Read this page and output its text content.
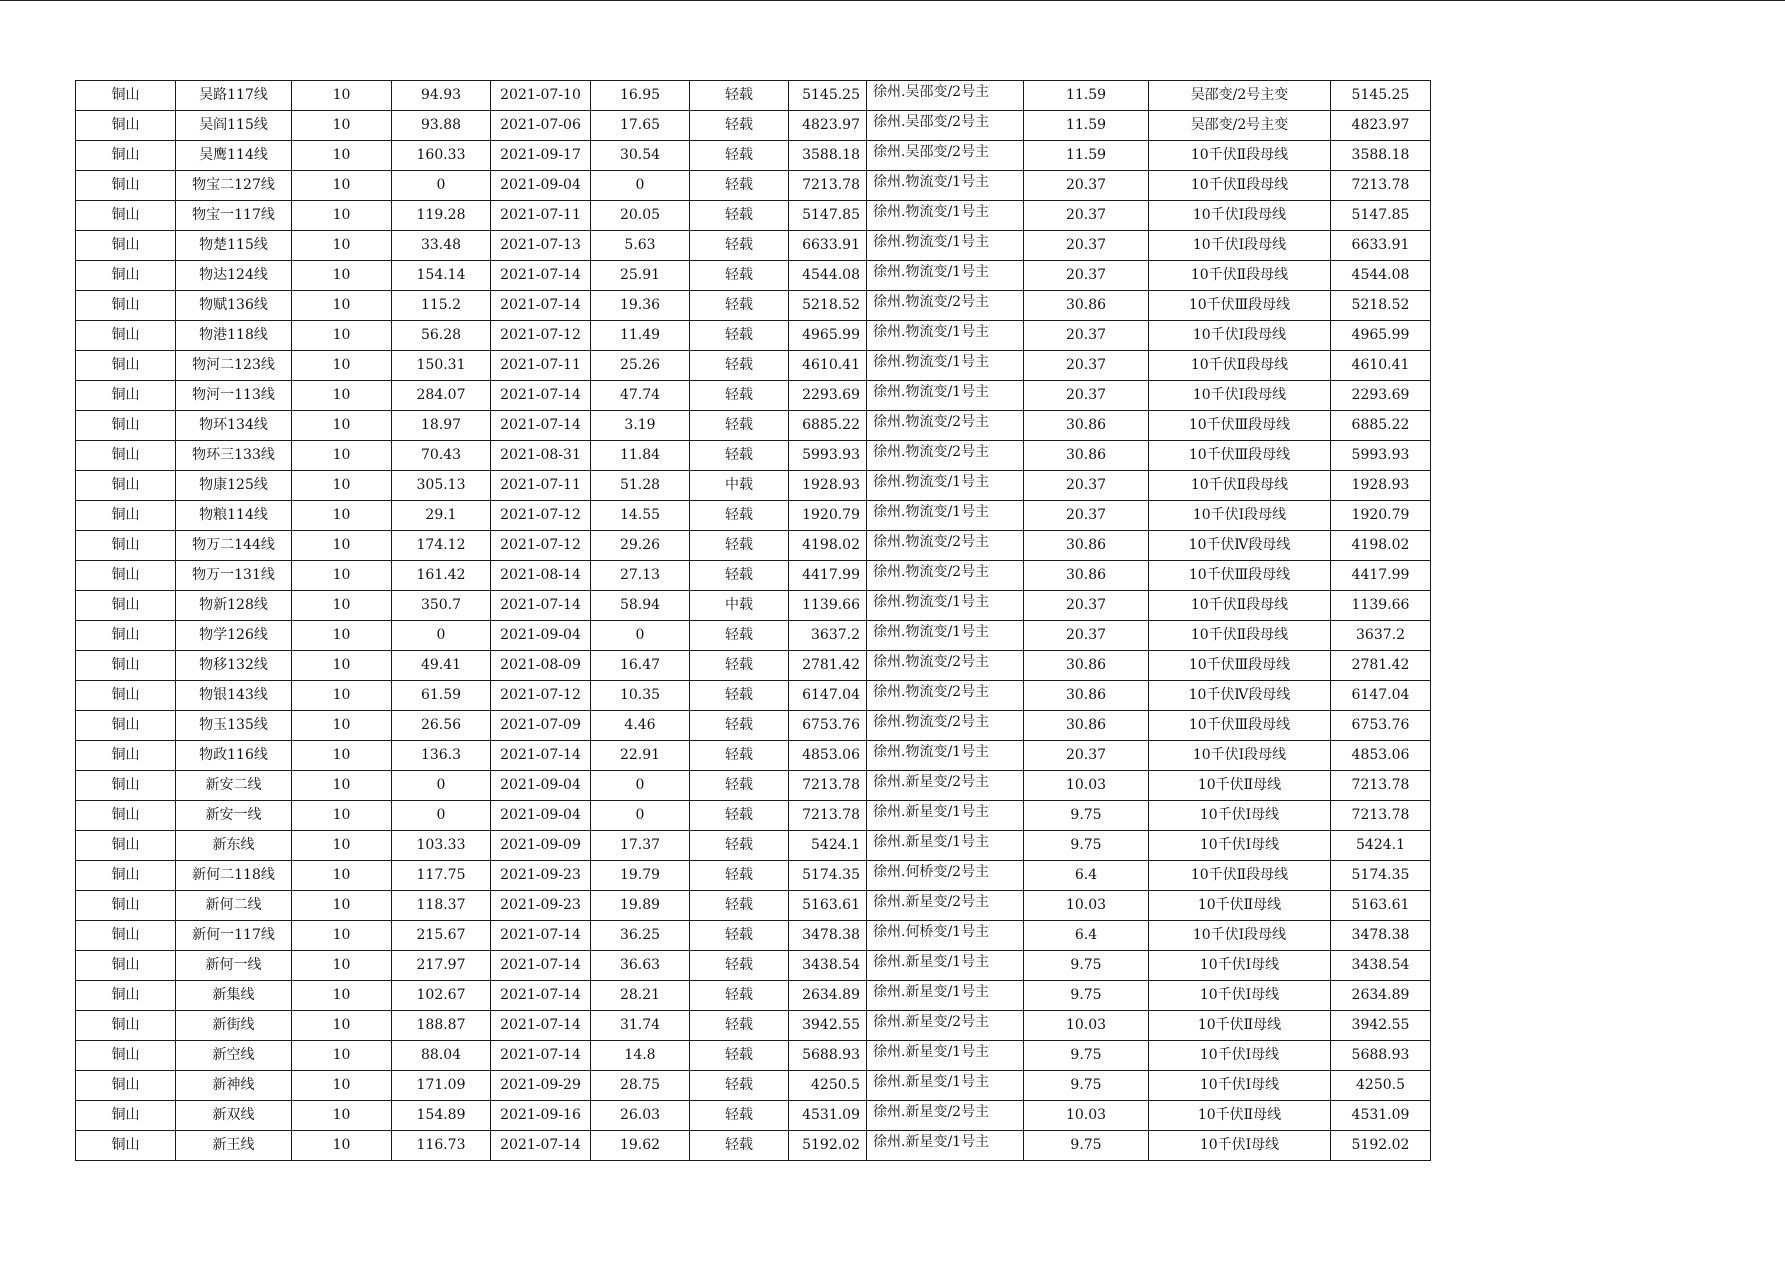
铜山	吴路117线	10	94.93	2021-07-10	16.95	轻载	5145.25	徐州.吴邵变/2号主	11.59	吴邵变/2号主变	5145.25
铜山	吴阎115线	10	93.88	2021-07-06	17.65	轻载	4823.97	徐州.吴邵变/2号主	11.59	吴邵变/2号主变	4823.97
铜山	吴鹰114线	10	160.33	2021-09-17	30.54	轻载	3588.18	徐州.吴邵变/2号主	11.59	10千伏Ⅱ段母线	3588.18
铜山	物宝二127线	10	0	2021-09-04	0	轻载	7213.78	徐州.物流变/1号主	20.37	10千伏Ⅱ段母线	7213.78
铜山	物宝一117线	10	119.28	2021-07-11	20.05	轻载	5147.85	徐州.物流变/1号主	20.37	10千伏Ⅰ段母线	5147.85
铜山	物楚115线	10	33.48	2021-07-13	5.63	轻载	6633.91	徐州.物流变/1号主	20.37	10千伏Ⅰ段母线	6633.91
铜山	物达124线	10	154.14	2021-07-14	25.91	轻载	4544.08	徐州.物流变/1号主	20.37	10千伏Ⅱ段母线	4544.08
铜山	物赋136线	10	115.2	2021-07-14	19.36	轻载	5218.52	徐州.物流变/2号主	30.86	10千伏Ⅲ段母线	5218.52
铜山	物港118线	10	56.28	2021-07-12	11.49	轻载	4965.99	徐州.物流变/1号主	20.37	10千伏Ⅰ段母线	4965.99
铜山	物河二123线	10	150.31	2021-07-11	25.26	轻载	4610.41	徐州.物流变/1号主	20.37	10千伏Ⅱ段母线	4610.41
铜山	物河一113线	10	284.07	2021-07-14	47.74	轻载	2293.69	徐州.物流变/1号主	20.37	10千伏Ⅰ段母线	2293.69
铜山	物环134线	10	18.97	2021-07-14	3.19	轻载	6885.22	徐州.物流变/2号主	30.86	10千伏Ⅲ段母线	6885.22
铜山	物环三133线	10	70.43	2021-08-31	11.84	轻载	5993.93	徐州.物流变/2号主	30.86	10千伏Ⅲ段母线	5993.93
铜山	物康125线	10	305.13	2021-07-11	51.28	中载	1928.93	徐州.物流变/1号主	20.37	10千伏Ⅱ段母线	1928.93
铜山	物粮114线	10	29.1	2021-07-12	14.55	轻载	1920.79	徐州.物流变/1号主	20.37	10千伏Ⅰ段母线	1920.79
铜山	物万二144线	10	174.12	2021-07-12	29.26	轻载	4198.02	徐州.物流变/2号主	30.86	10千伏Ⅳ段母线	4198.02
铜山	物万一131线	10	161.42	2021-08-14	27.13	轻载	4417.99	徐州.物流变/2号主	30.86	10千伏Ⅲ段母线	4417.99
铜山	物新128线	10	350.7	2021-07-14	58.94	中载	1139.66	徐州.物流变/1号主	20.37	10千伏Ⅱ段母线	1139.66
铜山	物学126线	10	0	2021-09-04	0	轻载	3637.2	徐州.物流变/1号主	20.37	10千伏Ⅱ段母线	3637.2
铜山	物移132线	10	49.41	2021-08-09	16.47	轻载	2781.42	徐州.物流变/2号主	30.86	10千伏Ⅲ段母线	2781.42
铜山	物银143线	10	61.59	2021-07-12	10.35	轻载	6147.04	徐州.物流变/2号主	30.86	10千伏Ⅳ段母线	6147.04
铜山	物玉135线	10	26.56	2021-07-09	4.46	轻载	6753.76	徐州.物流变/2号主	30.86	10千伏Ⅲ段母线	6753.76
铜山	物政116线	10	136.3	2021-07-14	22.91	轻载	4853.06	徐州.物流变/1号主	20.37	10千伏Ⅰ段母线	4853.06
铜山	新安二线	10	0	2021-09-04	0	轻载	7213.78	徐州.新星变/2号主	10.03	10千伏Ⅱ母线	7213.78
铜山	新安一线	10	0	2021-09-04	0	轻载	7213.78	徐州.新星变/1号主	9.75	10千伏Ⅰ母线	7213.78
铜山	新东线	10	103.33	2021-09-09	17.37	轻载	5424.1	徐州.新星变/1号主	9.75	10千伏Ⅰ母线	5424.1
铜山	新何二118线	10	117.75	2021-09-23	19.79	轻载	5174.35	徐州.何桥变/2号主	6.4	10千伏Ⅱ段母线	5174.35
铜山	新何二线	10	118.37	2021-09-23	19.89	轻载	5163.61	徐州.新星变/2号主	10.03	10千伏Ⅱ母线	5163.61
铜山	新何一117线	10	215.67	2021-07-14	36.25	轻载	3478.38	徐州.何桥变/1号主	6.4	10千伏Ⅰ段母线	3478.38
铜山	新何一线	10	217.97	2021-07-14	36.63	轻载	3438.54	徐州.新星变/1号主	9.75	10千伏Ⅰ母线	3438.54
铜山	新集线	10	102.67	2021-07-14	28.21	轻载	2634.89	徐州.新星变/1号主	9.75	10千伏Ⅰ母线	2634.89
铜山	新街线	10	188.87	2021-07-14	31.74	轻载	3942.55	徐州.新星变/2号主	10.03	10千伏Ⅱ母线	3942.55
铜山	新空线	10	88.04	2021-07-14	14.8	轻载	5688.93	徐州.新星变/1号主	9.75	10千伏Ⅰ母线	5688.93
铜山	新神线	10	171.09	2021-09-29	28.75	轻载	4250.5	徐州.新星变/1号主	9.75	10千伏Ⅰ母线	4250.5
铜山	新双线	10	154.89	2021-09-16	26.03	轻载	4531.09	徐州.新星变/2号主	10.03	10千伏Ⅱ母线	4531.09
铜山	新王线	10	116.73	2021-07-14	19.62	轻载	5192.02	徐州.新星变/1号主	9.75	10千伏Ⅰ母线	5192.02
